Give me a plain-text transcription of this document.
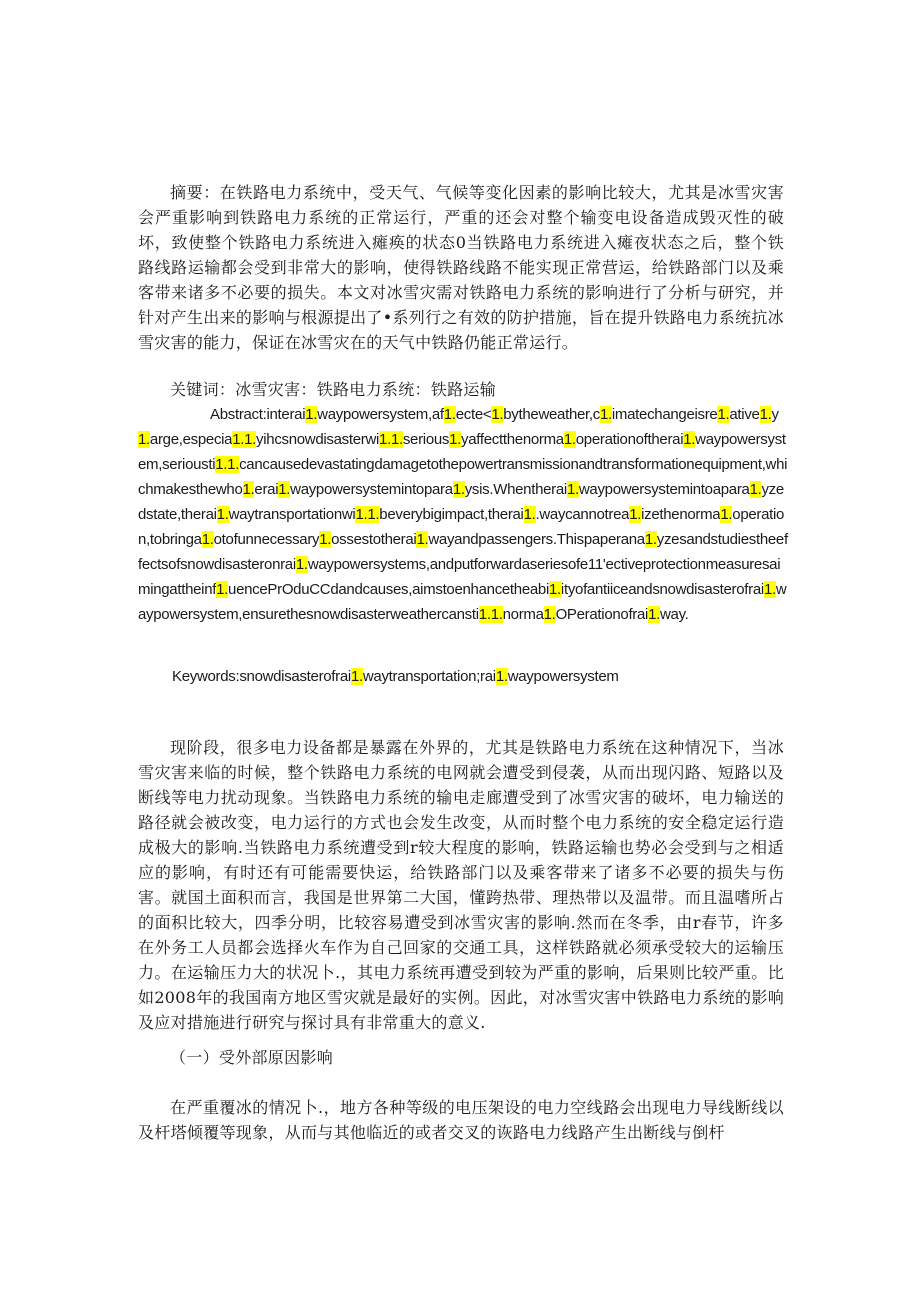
摘要：在铁路电力系统中，受天气、气候等变化因素的影响比较大，尤其是冰雪灾害会严重影响到铁路电力系统的正常运行，严重的还会对整个输变电设备造成毁灭性的破坏，致使整个铁路电力系统进入瘫痪的状态0当铁路电力系统进入瘫夜状态之后，整个铁路线路运输都会受到非常大的影响，使得铁路线路不能实现正常营运，给铁路部门以及乘客带来诸多不必要的损失。本文对冰雪灾需对铁路电力系统的影响进行了分析与研究，并针对产生出来的影响与根源提出了•系列行之有效的防护措施，旨在提升铁路电力系统抗冰雪灾害的能力，保证在冰雪灾在的天气中铁路仍能正常运行。

关键词：冰雪灾害：铁路电力系统：铁路运输

Abstract:interai1.waypowersystem,af1.ecte<1.bytheweather,c1.imatechangeisre1.ative1.y1.arge,especia1.1.yihcsnowdisasterwi1.1.serious1.yaffectthenorma1.operationoftherai1.waypowersystem,seriousti1.1.cancausedevastatingdamagetothepowertransmissionandtransformationequipment,whichmakesthewho1.erai1.waypowersystemintopara1.ysis.Whentherai1.waypowersystemintoapara1.yzedstate,therai1.waytransportationwi1.1.beverybigimpact,therai1..waycannotrea1.izethenorma1.operation,tobringa1.otofunnecessary1.ossestotherai1.wayandpassengers.Thispaperana1.yzesandstudiestheeffectsofsnowdisasteronrai1.waypowersystems,andputforwardaseriesofe11'ectiveprotectionmeasuresaimingattheinf1.uencePrOduCCdandcauses,aimstoenhancetheabi1.ityofantiiceandsnowdisasterofrai1.waypowersystem,ensurethesnowdisasterweathercansti1.1.norma1.OPerationofrai1.way.

Keywords:snowdisasterofrai1.waytransportation;rai1.waypowersystem

现阶段，很多电力设备都是暴露在外界的，尤其是铁路电力系统在这种情况下，当冰雪灾害来临的时候，整个铁路电力系统的电网就会遭受到侵袭，从而出现闪路、短路以及断线等电力扰动现象。当铁路电力系统的输电走廊遭受到了冰雪灾害的破坏，电力输送的路径就会被改变，电力运行的方式也会发生改变，从而时整个电力系统的安全稳定运行造成极大的影响.当铁路电力系统遭受到r较大程度的影响，铁路运输也势必会受到与之相适应的影响，有时还有可能需要快运，给铁路部门以及乘客带来了诸多不必要的损失与伤害。就国土面积而言，我国是世界第二大国，懂跨热带、理热带以及温带。而且温嗜所占的面积比较大，四季分明，比较容易遭受到冰雪灾害的影响.然而在冬季，由r春节，许多在外务工人员都会选择火车作为自己回家的交通工具，这样铁路就必须承受较大的运输压力。在运输压力大的状况卜.，其电力系统再遭受到较为严重的影响，后果则比较严重。比如2008年的我国南方地区雪灾就是最好的实例。因此，对冰雪灾害中铁路电力系统的影响及应对措施进行研究与探讨具有非常重大的意义.

（一）受外部原因影响

在严重覆冰的情况卜.，地方各种等级的电压架设的电力空线路会出现电力导线断线以及杆塔倾覆等现象，从而与其他临近的或者交叉的诙路电力线路产生出断线与倒杆
